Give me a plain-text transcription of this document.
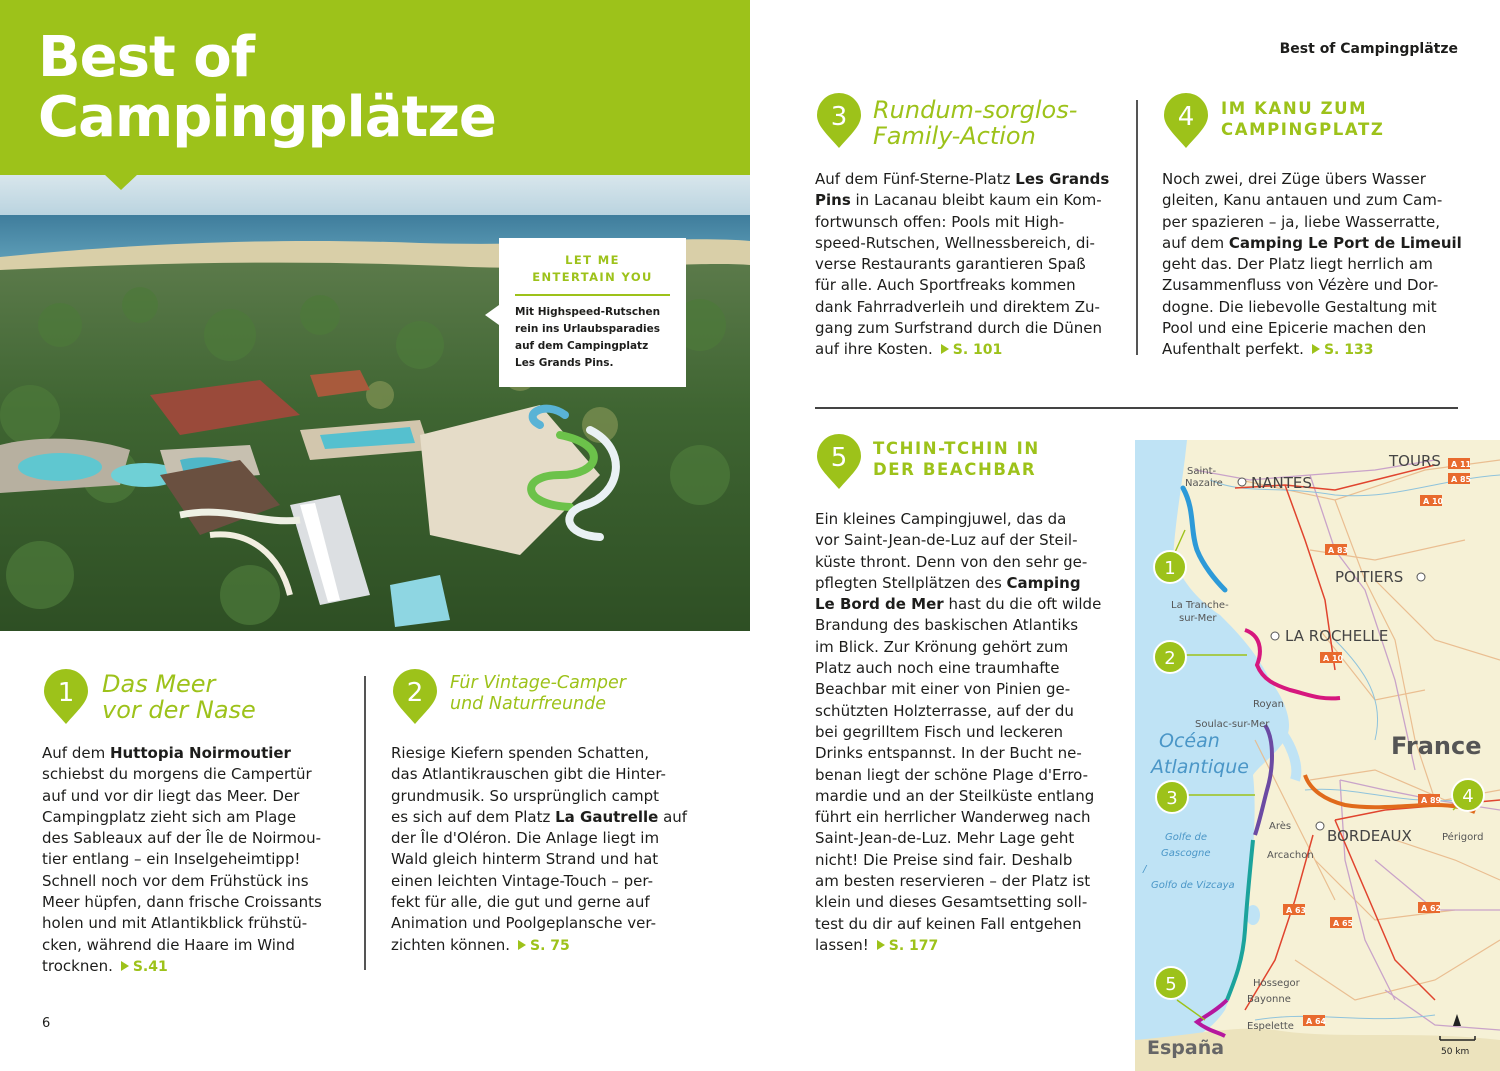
Best of
Campingplätze
LET ME
ENTERTAIN YOU
Mit Highspeed-Rutschen
rein ins Urlaubsparadies
auf dem Campingplatz
Les Grands Pins.
Best of Campingplätze
6
1 Das Meer
vor der Nase
Auf dem Huttopia Noirmoutier
schiebst du morgens die Campertür
auf und vor dir liegt das Meer. Der
Campingplatz zieht sich am Plage
des Sableaux auf der Île de Noirmou-
tier entlang – ein Inselgeheimtipp!
Schnell noch vor dem Frühstück ins
Meer hüpfen, dann frische Croissants
holen und mit Atlantikblick frühstü-
cken, während die Haare im Wind
trocknen. S.41
2 Für Vintage-Camper
und Naturfreunde
Riesige Kiefern spenden Schatten,
das Atlantikrauschen gibt die Hinter-
grundmusik. So ursprünglich campt
es sich auf dem Platz La Gautrelle auf
der Île d'Oléron. Die Anlage liegt im
Wald gleich hinterm Strand und hat
einen leichten Vintage-Touch – per-
fekt für alle, die gut und gerne auf
Animation und Poolgeplansche ver-
zichten können. S. 75
3 Rundum-sorglos-
Family-Action
Auf dem Fünf-Sterne-Platz Les Grands
Pins in Lacanau bleibt kaum ein Kom-
fortwunsch offen: Pools mit High-
speed-Rutschen, Wellnessbereich, di-
verse Restaurants garantieren Spaß
für alle. Auch Sportfreaks kommen
dank Fahrradverleih und direktem Zu-
gang zum Surfstrand durch die Dünen
auf ihre Kosten. S. 101
4 IM KANU ZUM
CAMPINGPLATZ
Noch zwei, drei Züge übers Wasser
gleiten, Kanu antauen und zum Cam-
per spazieren – ja, liebe Wasserratte,
auf dem Camping Le Port de Limeuil
geht das. Der Platz liegt herrlich am
Zusammenfluss von Vézère und Dor-
dogne. Die liebevolle Gestaltung mit
Pool und eine Epicerie machen den
Aufenthalt perfekt. S. 133
5 TCHIN-TCHIN IN
DER BEACHBAR
Ein kleines Campingjuwel, das da
vor Saint-Jean-de-Luz auf der Steil-
küste thront. Denn von den sehr ge-
pflegten Stellplätzen des Camping
Le Bord de Mer hast du die oft wilde
Brandung des baskischen Atlantiks
im Blick. Zur Krönung gehört zum
Platz auch noch eine traumhafte
Beachbar mit einer von Pinien ge-
schützten Holzterrasse, auf der du
bei gegrilltem Fisch und leckeren
Drinks entspannst. In der Bucht ne-
benan liegt der schöne Plage d'Erro-
mardie und an der Steilküste entlang
führt ein herrlicher Wanderweg nach
Saint-Jean-de-Luz. Mehr Lage geht
nicht! Die Preise sind fair. Deshalb
am besten reservieren – der Platz ist
klein und dieses Gesamtsetting soll-
test du dir auf keinen Fall entgehen
lassen! S. 177
A 11
A 85
A 83
A 10
A 10
A 89
A 63
A 65
A 62
A 64
Saint-
Nazaire NANTES
TOURS
POITIERS
La Tranche-
sur-Mer
LA ROCHELLE
Royan
Soulac-sur-Mer
Arès
BORDEAUX
Arcachon
Périgord
Hossegor
Bayonne
Espelette
Océan
Atlantique
Golfe de
Gascogne
/
Golfo de Vizcaya
France
España
1
2
3	4
5
50 km
